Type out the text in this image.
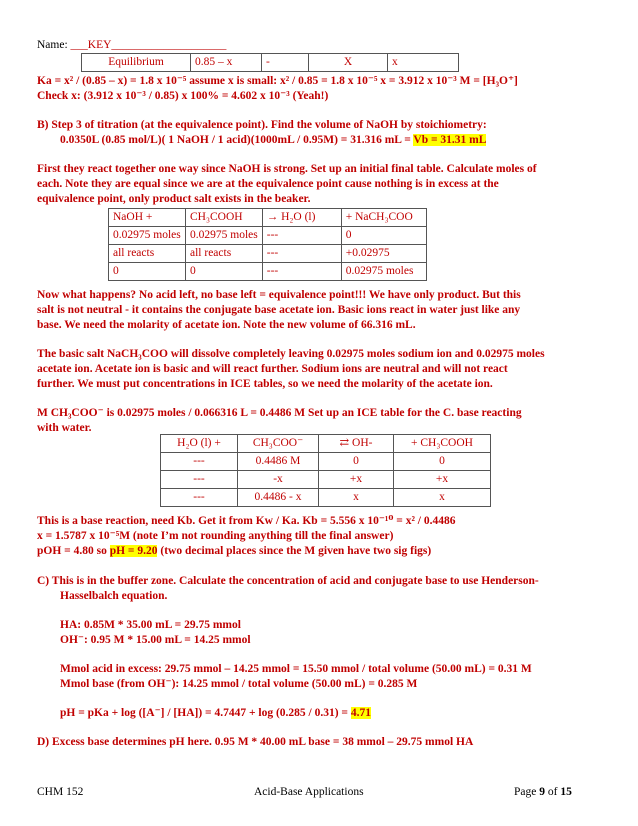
Name: ___KEY____________________
Equilibrium	0.85 – x	-	X	x
Ka = x² / (0.85 – x) = 1.8 x 10⁻⁵ assume x is small: x² / 0.85 = 1.8 x 10⁻⁵ x = 3.912 x 10⁻³ M = [H₃O⁺]
Check x: (3.912 x 10⁻³ / 0.85) x 100% = 4.602 x 10⁻³ (Yeah!)
B) Step 3 of titration (at the equivalence point). Find the volume of NaOH by stoichiometry:
0.0350L (0.85 mol/L)( 1 NaOH / 1 acid)(1000mL / 0.95M) = 31.316 mL = Vb = 31.31 mL
First they react together one way since NaOH is strong. Set up an initial final table. Calculate moles of
each. Note they are equal since we are at the equivalence point cause nothing is in excess at the
equivalence point, only product salt exists in the beaker.
NaOH +	CH₃COOH	→ H₂O (l)	+ NaCH₃COO
0.02975 moles	0.02975 moles	---	0
all reacts	all reacts	---	+0.02975
0	0	---	0.02975 moles
Now what happens? No acid left, no base left = equivalence point!!! We have only product. But this
salt is not neutral - it contains the conjugate base acetate ion. Basic ions react in water just like any
base. We need the molarity of acetate ion. Note the new volume of 66.316 mL.
The basic salt NaCH₃COO will dissolve completely leaving 0.02975 moles sodium ion and 0.02975 moles
acetate ion. Acetate ion is basic and will react further. Sodium ions are neutral and will not react
further. We must put concentrations in ICE tables, so we need the molarity of the acetate ion.
M CH₃COO⁻ is 0.02975 moles / 0.066316 L = 0.4486 M Set up an ICE table for the C. base reacting
with water.
H₂O (l) +	CH₃COO⁻	⇄ OH-	+ CH₃COOH
---	0.4486 M	0	0
---	-x	+x	+x
---	0.4486 - x	x	x
This is a base reaction, need Kb. Get it from Kw / Ka. Kb = 5.556 x 10⁻¹⁰ = x² / 0.4486
x = 1.5787 x 10⁻⁵M (note I’m not rounding anything till the final answer)
pOH = 4.80 so pH = 9.20 (two decimal places since the M given have two sig figs)
C) This is in the buffer zone. Calculate the concentration of acid and conjugate base to use Henderson-
Hasselbalch equation.
HA: 0.85M * 35.00 mL = 29.75 mmol
OH⁻: 0.95 M * 15.00 mL = 14.25 mmol
Mmol acid in excess: 29.75 mmol – 14.25 mmol = 15.50 mmol / total volume (50.00 mL) = 0.31 M
Mmol base (from OH⁻): 14.25 mmol / total volume (50.00 mL) = 0.285 M
pH = pKa + log ([A⁻] / [HA]) = 4.7447 + log (0.285 / 0.31) = 4.71
D) Excess base determines pH here. 0.95 M * 40.00 mL base = 38 mmol – 29.75 mmol HA
CHM 152	Acid-Base Applications	Page 9 of 15
